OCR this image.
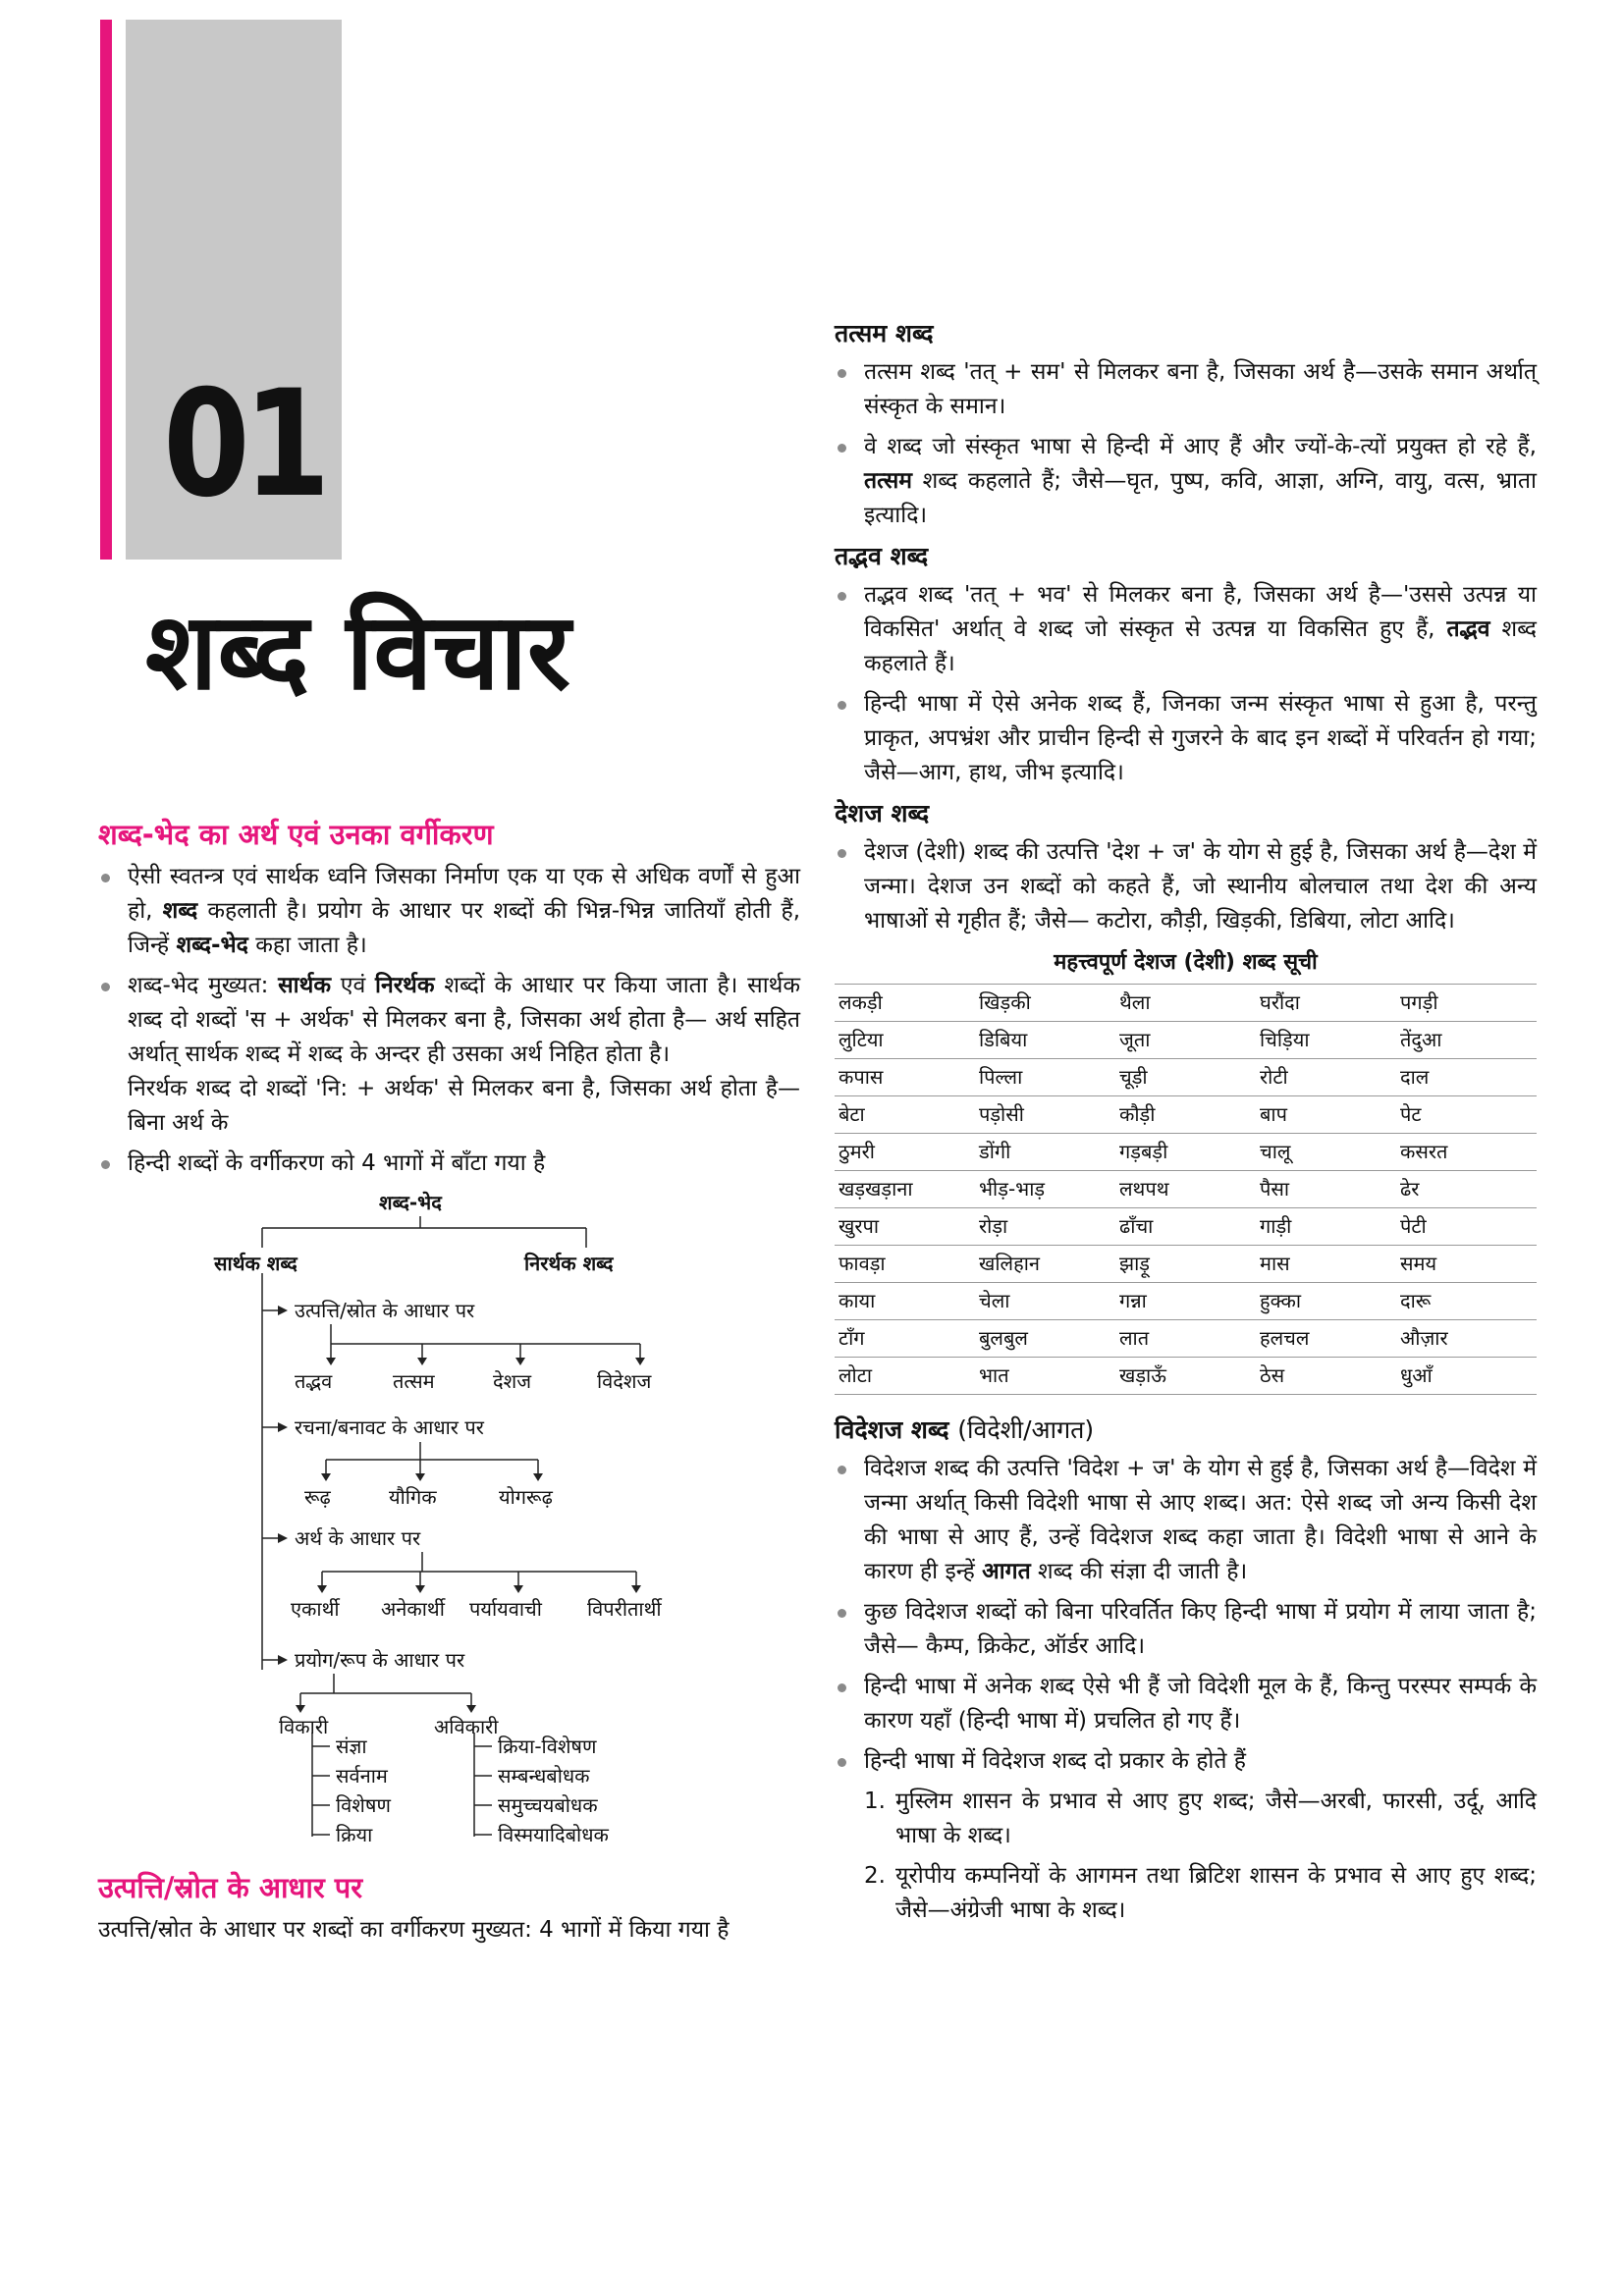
01
शब्द विचार
शब्द-भेद का अर्थ एवं उनका वर्गीकरण
ऐसी स्वतन्त्र एवं सार्थक ध्वनि जिसका निर्माण एक या एक से अधिक वर्णों से हुआ हो, शब्द कहलाती है। प्रयोग के आधार पर शब्दों की भिन्न-भिन्न जातियाँ होती हैं, जिन्हें शब्द-भेद कहा जाता है।
शब्द-भेद मुख्यत: सार्थक एवं निरर्थक शब्दों के आधार पर किया जाता है। सार्थक शब्द दो शब्दों 'स + अर्थक' से मिलकर बना है, जिसका अर्थ होता है— अर्थ सहित अर्थात् सार्थक शब्द में शब्द के अन्दर ही उसका अर्थ निहित होता है।
निरर्थक शब्द दो शब्दों 'नि: + अर्थक' से मिलकर बना है, जिसका अर्थ होता है—बिना अर्थ के
हिन्दी शब्दों के वर्गीकरण को 4 भागों में बाँटा गया है
शब्द-भेद
सार्थक शब्द	निरर्थक शब्द
उत्पत्ति/स्रोत के आधार पर
तद्भव	तत्सम	देशज	विदेशज
रचना/बनावट के आधार पर
रूढ़	यौगिक	योगरूढ़
अर्थ के आधार पर
एकार्थी अनेकार्थी पर्यायवाची विपरीतार्थी
प्रयोग/रूप के आधार पर
विकारी	अविकारी
संज्ञा
सर्वनाम
विशेषण
क्रिया
क्रिया-विशेषण
सम्बन्धबोधक
समुच्चयबोधक
विस्मयादिबोधक
उत्पत्ति/स्रोत के आधार पर
उत्पत्ति/स्रोत के आधार पर शब्दों का वर्गीकरण मुख्यत: 4 भागों में किया गया है
तत्सम शब्द
तत्सम शब्द 'तत् + सम' से मिलकर बना है, जिसका अर्थ है—उसके समान अर्थात् संस्कृत के समान।
वे शब्द जो संस्कृत भाषा से हिन्दी में आए हैं और ज्यों-के-त्यों प्रयुक्त हो रहे हैं, तत्सम शब्द कहलाते हैं; जैसे—घृत, पुष्प, कवि, आज्ञा, अग्नि, वायु, वत्स, भ्राता इत्यादि।
तद्भव शब्द
तद्भव शब्द 'तत् + भव' से मिलकर बना है, जिसका अर्थ है—'उससे उत्पन्न या विकसित' अर्थात् वे शब्द जो संस्कृत से उत्पन्न या विकसित हुए हैं, तद्भव शब्द कहलाते हैं।
हिन्दी भाषा में ऐसे अनेक शब्द हैं, जिनका जन्म संस्कृत भाषा से हुआ है, परन्तु प्राकृत, अपभ्रंश और प्राचीन हिन्दी से गुजरने के बाद इन शब्दों में परिवर्तन हो गया; जैसे—आग, हाथ, जीभ इत्यादि।
देशज शब्द
देशज (देशी) शब्द की उत्पत्ति 'देश + ज' के योग से हुई है, जिसका अर्थ है—देश में जन्मा। देशज उन शब्दों को कहते हैं, जो स्थानीय बोलचाल तथा देश की अन्य भाषाओं से गृहीत हैं; जैसे— कटोरा, कौड़ी, खिड़की, डिबिया, लोटा आदि।
महत्त्वपूर्ण देशज (देशी) शब्द सूची
लकड़ी	खिड़की	थैला	घरौंदा	पगड़ी
लुटिया	डिबिया	जूता	चिड़िया	तेंदुआ
कपास	पिल्ला	चूड़ी	रोटी	दाल
बेटा	पड़ोसी	कौड़ी	बाप	पेट
ठुमरी	डोंगी	गड़बड़ी	चालू	कसरत
खड़खड़ाना	भीड़-भाड़	लथपथ	पैसा	ढेर
खुरपा	रोड़ा	ढाँचा	गाड़ी	पेटी
फावड़ा	खलिहान	झाड़ू	मास	समय
काया	चेला	गन्ना	हुक्का	दारू
टाँग	बुलबुल	लात	हलचल	औज़ार
लोटा	भात	खड़ाऊँ	ठेस	धुआँ
विदेशज शब्द (विदेशी/आगत)
विदेशज शब्द की उत्पत्ति 'विदेश + ज' के योग से हुई है, जिसका अर्थ है—विदेश में जन्मा अर्थात् किसी विदेशी भाषा से आए शब्द। अत: ऐसे शब्द जो अन्य किसी देश की भाषा से आए हैं, उन्हें विदेशज शब्द कहा जाता है। विदेशी भाषा से आने के कारण ही इन्हें आगत शब्द की संज्ञा दी जाती है।
कुछ विदेशज शब्दों को बिना परिवर्तित किए हिन्दी भाषा में प्रयोग में लाया जाता है; जैसे— कैम्प, क्रिकेट, ऑर्डर आदि।
हिन्दी भाषा में अनेक शब्द ऐसे भी हैं जो विदेशी मूल के हैं, किन्तु परस्पर सम्पर्क के कारण यहाँ (हिन्दी भाषा में) प्रचलित हो गए हैं।
हिन्दी भाषा में विदेशज शब्द दो प्रकार के होते हैं
1. मुस्लिम शासन के प्रभाव से आए हुए शब्द; जैसे—अरबी, फारसी, उर्दू, आदि भाषा के शब्द।
2. यूरोपीय कम्पनियों के आगमन तथा ब्रिटिश शासन के प्रभाव से आए हुए शब्द; जैसे—अंग्रेजी भाषा के शब्द।
